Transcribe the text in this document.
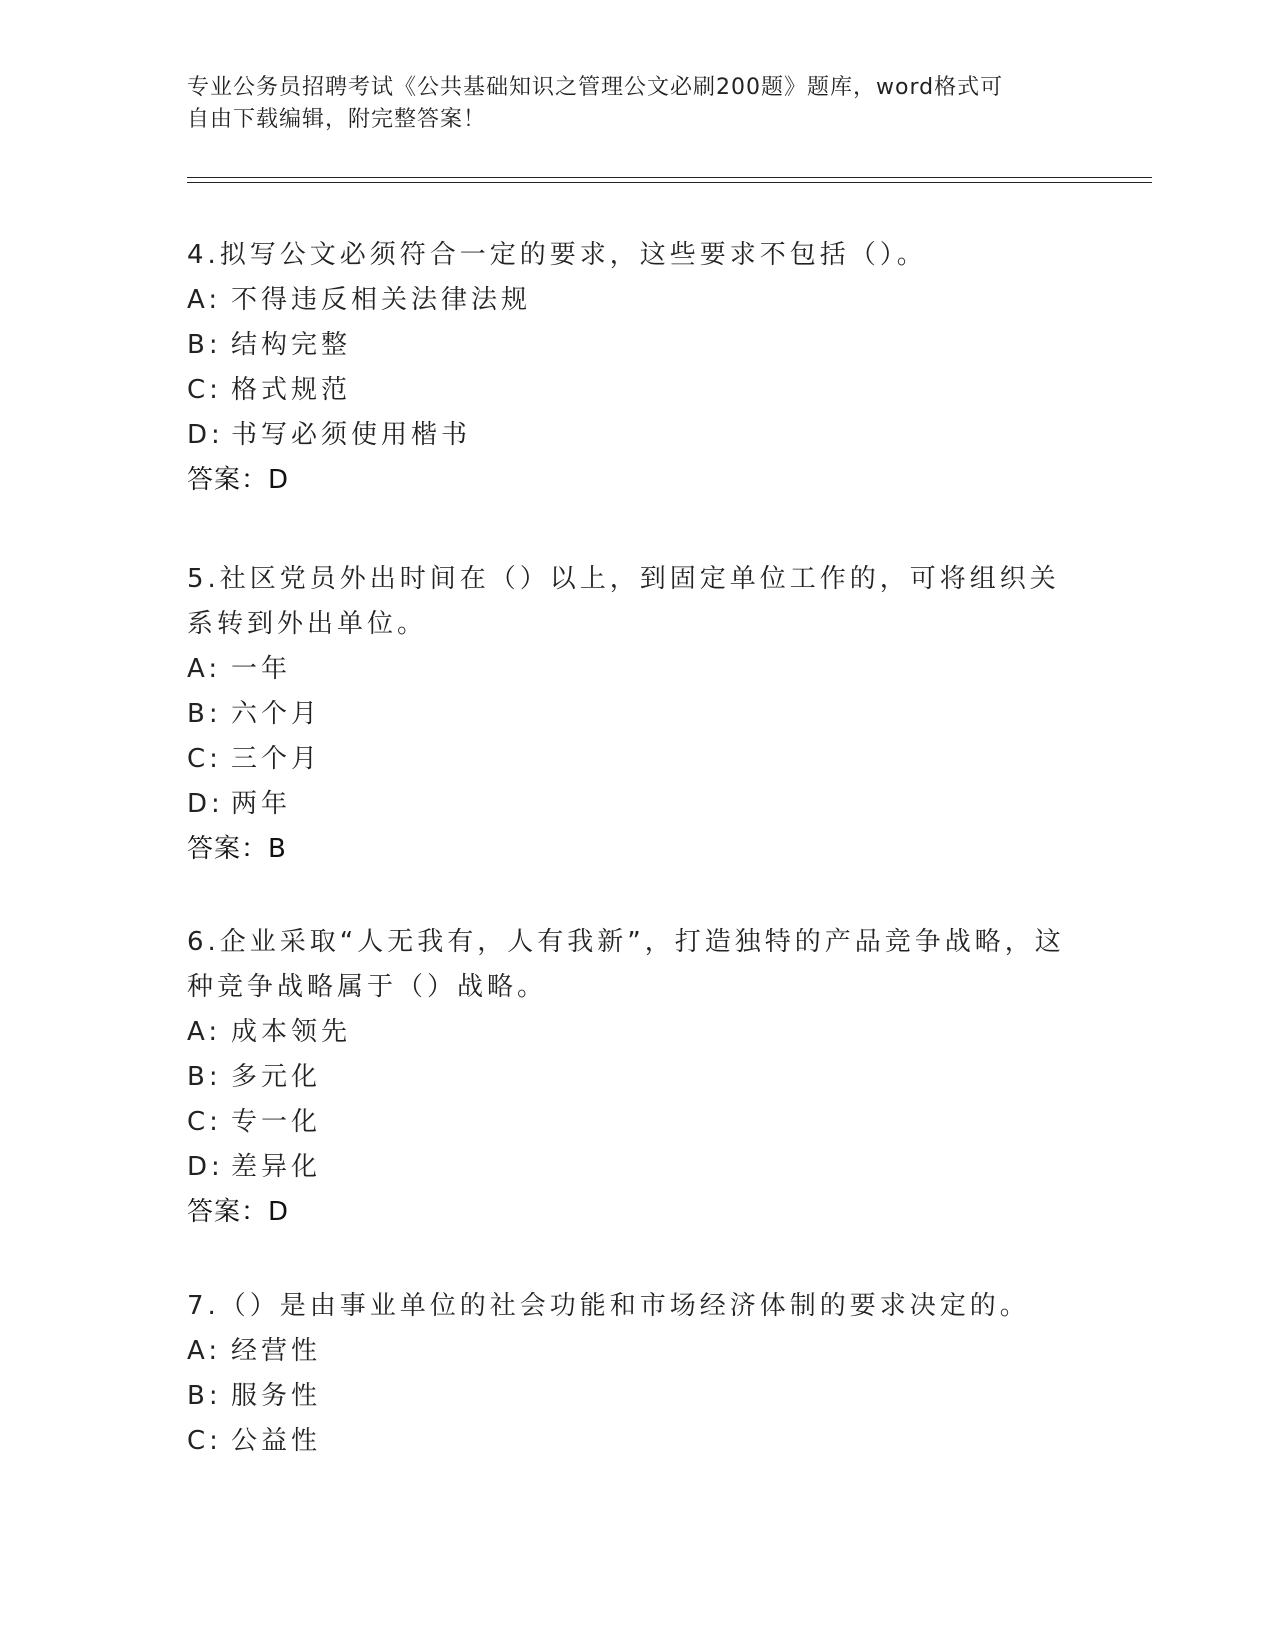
专业公务员招聘考试《公共基础知识之管理公文必刷200题》题库，word格式可
自由下载编辑，附完整答案！
4.拟写公文必须符合一定的要求，这些要求不包括（）。
A: 不得违反相关法律法规
B: 结构完整
C: 格式规范
D: 书写必须使用楷书
答案：D
5.社区党员外出时间在（）以上，到固定单位工作的，可将组织关系转到外出单位。
A: 一年
B: 六个月
C: 三个月
D: 两年
答案：B
6.企业采取“人无我有，人有我新”，打造独特的产品竞争战略，这种竞争战略属于（）战略。
A: 成本领先
B: 多元化
C: 专一化
D: 差异化
答案：D
7.（）是由事业单位的社会功能和市场经济体制的要求决定的。
A: 经营性
B: 服务性
C: 公益性
